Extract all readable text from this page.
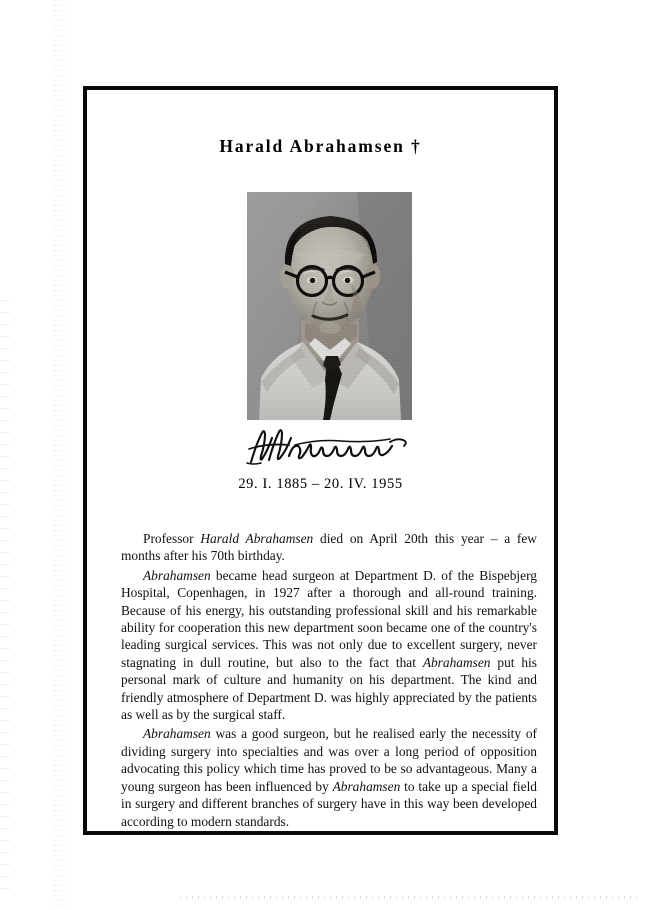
Harald Abrahamsen †
29. I. 1885 – 20. IV. 1955

Professor Harald Abrahamsen died on April 20th this year – a few months after his 70th birthday.

Abrahamsen became head surgeon at Department D. of the Bispebjerg Hospital, Copenhagen, in 1927 after a thorough and all-round training. Because of his energy, his outstanding professional skill and his remarkable ability for cooperation this new department soon became one of the country's leading surgical services. This was not only due to excellent surgery, never stagnating in dull routine, but also to the fact that Abrahamsen put his personal mark of culture and humanity on his department. The kind and friendly atmosphere of Department D. was highly appreciated by the patients as well as by the surgical staff.

Abrahamsen was a good surgeon, but he realised early the necessity of dividing surgery into specialties and was over a long period of opposition advocating this policy which time has proved to be so advantageous. Many a young surgeon has been influenced by Abrahamsen to take up a special field in surgery and different branches of surgery have in this way been developed according to modern standards.
